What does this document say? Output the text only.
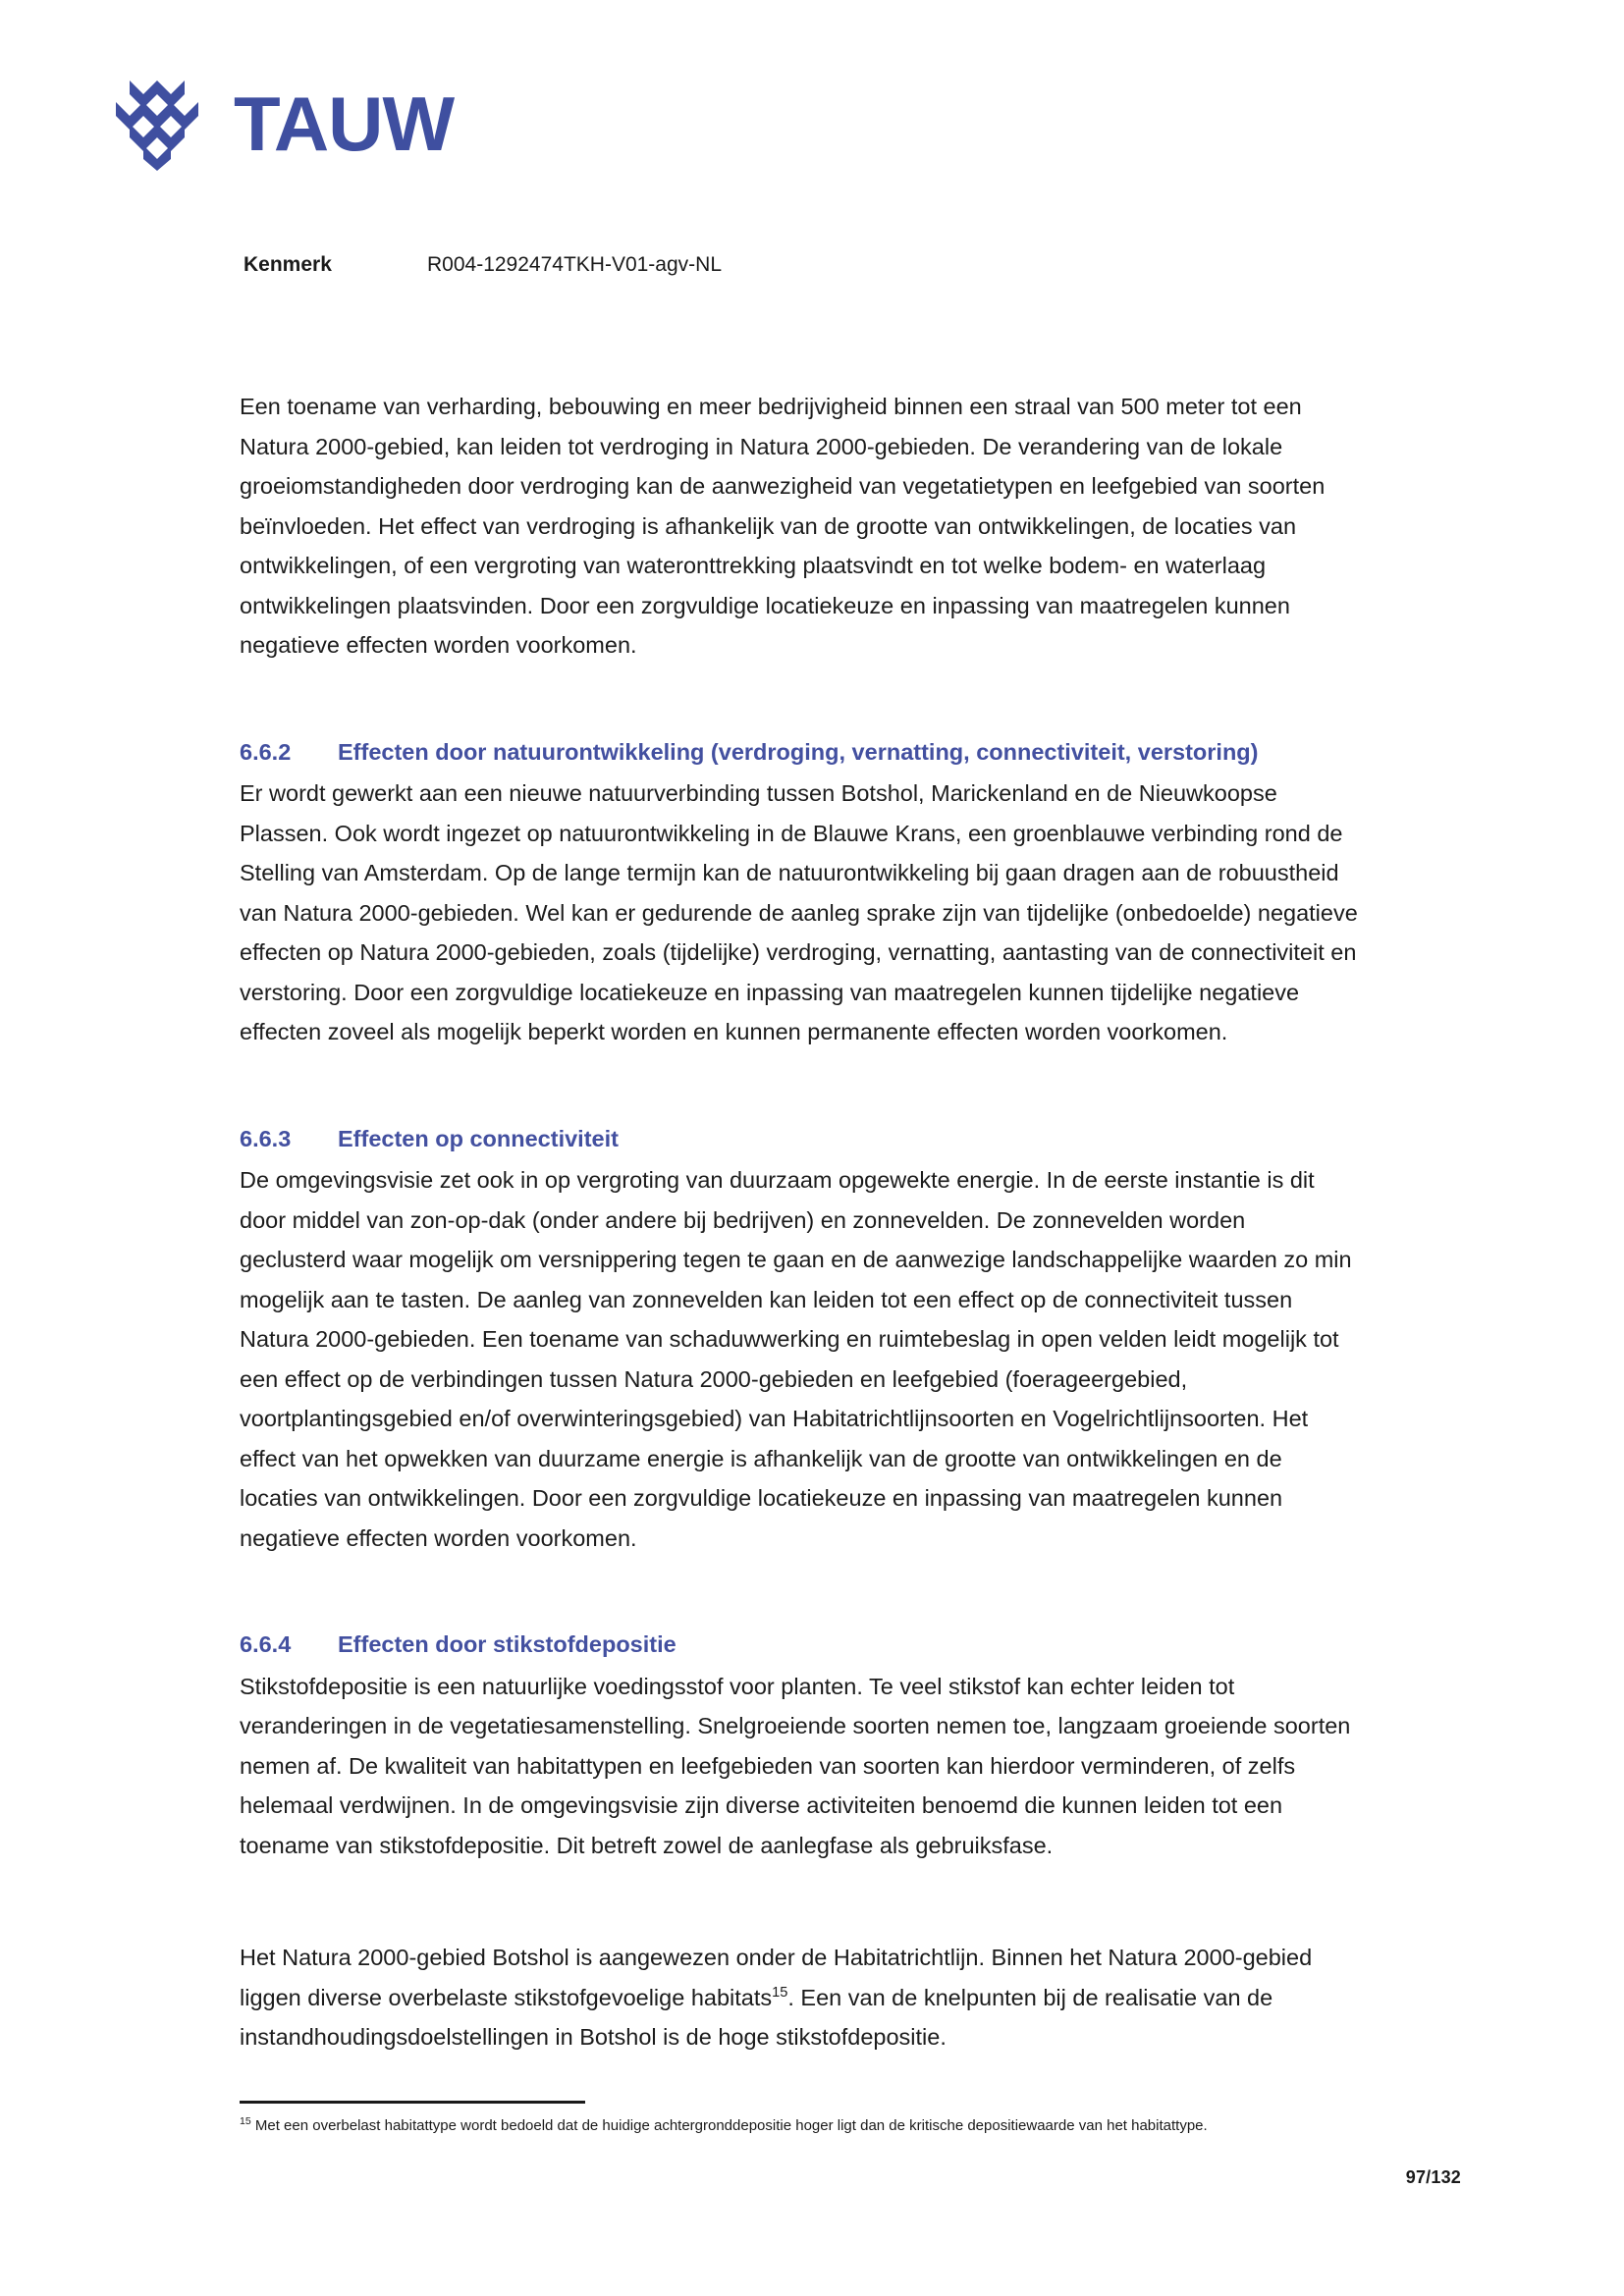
TAUW
Kenmerk	R004-1292474TKH-V01-agv-NL

Een toename van verharding, bebouwing en meer bedrijvigheid binnen een straal van 500 meter tot een Natura 2000-gebied, kan leiden tot verdroging in Natura 2000-gebieden. De verandering van de lokale groeiomstandigheden door verdroging kan de aanwezigheid van vegetatietypen en leefgebied van soorten beïnvloeden. Het effect van verdroging is afhankelijk van de grootte van ontwikkelingen, de locaties van ontwikkelingen, of een vergroting van wateronttrekking plaatsvindt en tot welke bodem- en waterlaag ontwikkelingen plaatsvinden. Door een zorgvuldige locatiekeuze en inpassing van maatregelen kunnen negatieve effecten worden voorkomen.

6.6.2	Effecten door natuurontwikkeling (verdroging, vernatting, connectiviteit, verstoring)

Er wordt gewerkt aan een nieuwe natuurverbinding tussen Botshol, Marickenland en de Nieuwkoopse Plassen. Ook wordt ingezet op natuurontwikkeling in de Blauwe Krans, een groenblauwe verbinding rond de Stelling van Amsterdam. Op de lange termijn kan de natuurontwikkeling bij gaan dragen aan de robuustheid van Natura 2000-gebieden. Wel kan er gedurende de aanleg sprake zijn van tijdelijke (onbedoelde) negatieve effecten op Natura 2000-gebieden, zoals (tijdelijke) verdroging, vernatting, aantasting van de connectiviteit en verstoring. Door een zorgvuldige locatiekeuze en inpassing van maatregelen kunnen tijdelijke negatieve effecten zoveel als mogelijk beperkt worden en kunnen permanente effecten worden voorkomen.

6.6.3	Effecten op connectiviteit

De omgevingsvisie zet ook in op vergroting van duurzaam opgewekte energie. In de eerste instantie is dit door middel van zon-op-dak (onder andere bij bedrijven) en zonnevelden. De zonnevelden worden geclusterd waar mogelijk om versnippering tegen te gaan en de aanwezige landschappelijke waarden zo min mogelijk aan te tasten. De aanleg van zonnevelden kan leiden tot een effect op de connectiviteit tussen Natura 2000-gebieden. Een toename van schaduwwerking en ruimtebeslag in open velden leidt mogelijk tot een effect op de verbindingen tussen Natura 2000-gebieden en leefgebied (foerageergebied, voortplantingsgebied en/of overwinteringsgebied) van Habitatrichtlijnsoorten en Vogelrichtlijnsoorten. Het effect van het opwekken van duurzame energie is afhankelijk van de grootte van ontwikkelingen en de locaties van ontwikkelingen. Door een zorgvuldige locatiekeuze en inpassing van maatregelen kunnen negatieve effecten worden voorkomen.

6.6.4	Effecten door stikstofdepositie

Stikstofdepositie is een natuurlijke voedingsstof voor planten. Te veel stikstof kan echter leiden tot veranderingen in de vegetatiesamenstelling. Snelgroeiende soorten nemen toe, langzaam groeiende soorten nemen af. De kwaliteit van habitattypen en leefgebieden van soorten kan hierdoor verminderen, of zelfs helemaal verdwijnen. In de omgevingsvisie zijn diverse activiteiten benoemd die kunnen leiden tot een toename van stikstofdepositie. Dit betreft zowel de aanlegfase als gebruiksfase.

Het Natura 2000-gebied Botshol is aangewezen onder de Habitatrichtlijn. Binnen het Natura 2000-gebied liggen diverse overbelaste stikstofgevoelige habitats$^{15}$. Een van de knelpunten bij de realisatie van de instandhoudingsdoelstellingen in Botshol is de hoge stikstofdepositie.

$^{15}$ Met een overbelast habitattype wordt bedoeld dat de huidige achtergronddepositie hoger ligt dan de kritische depositiewaarde van het habitattype.

97/132
